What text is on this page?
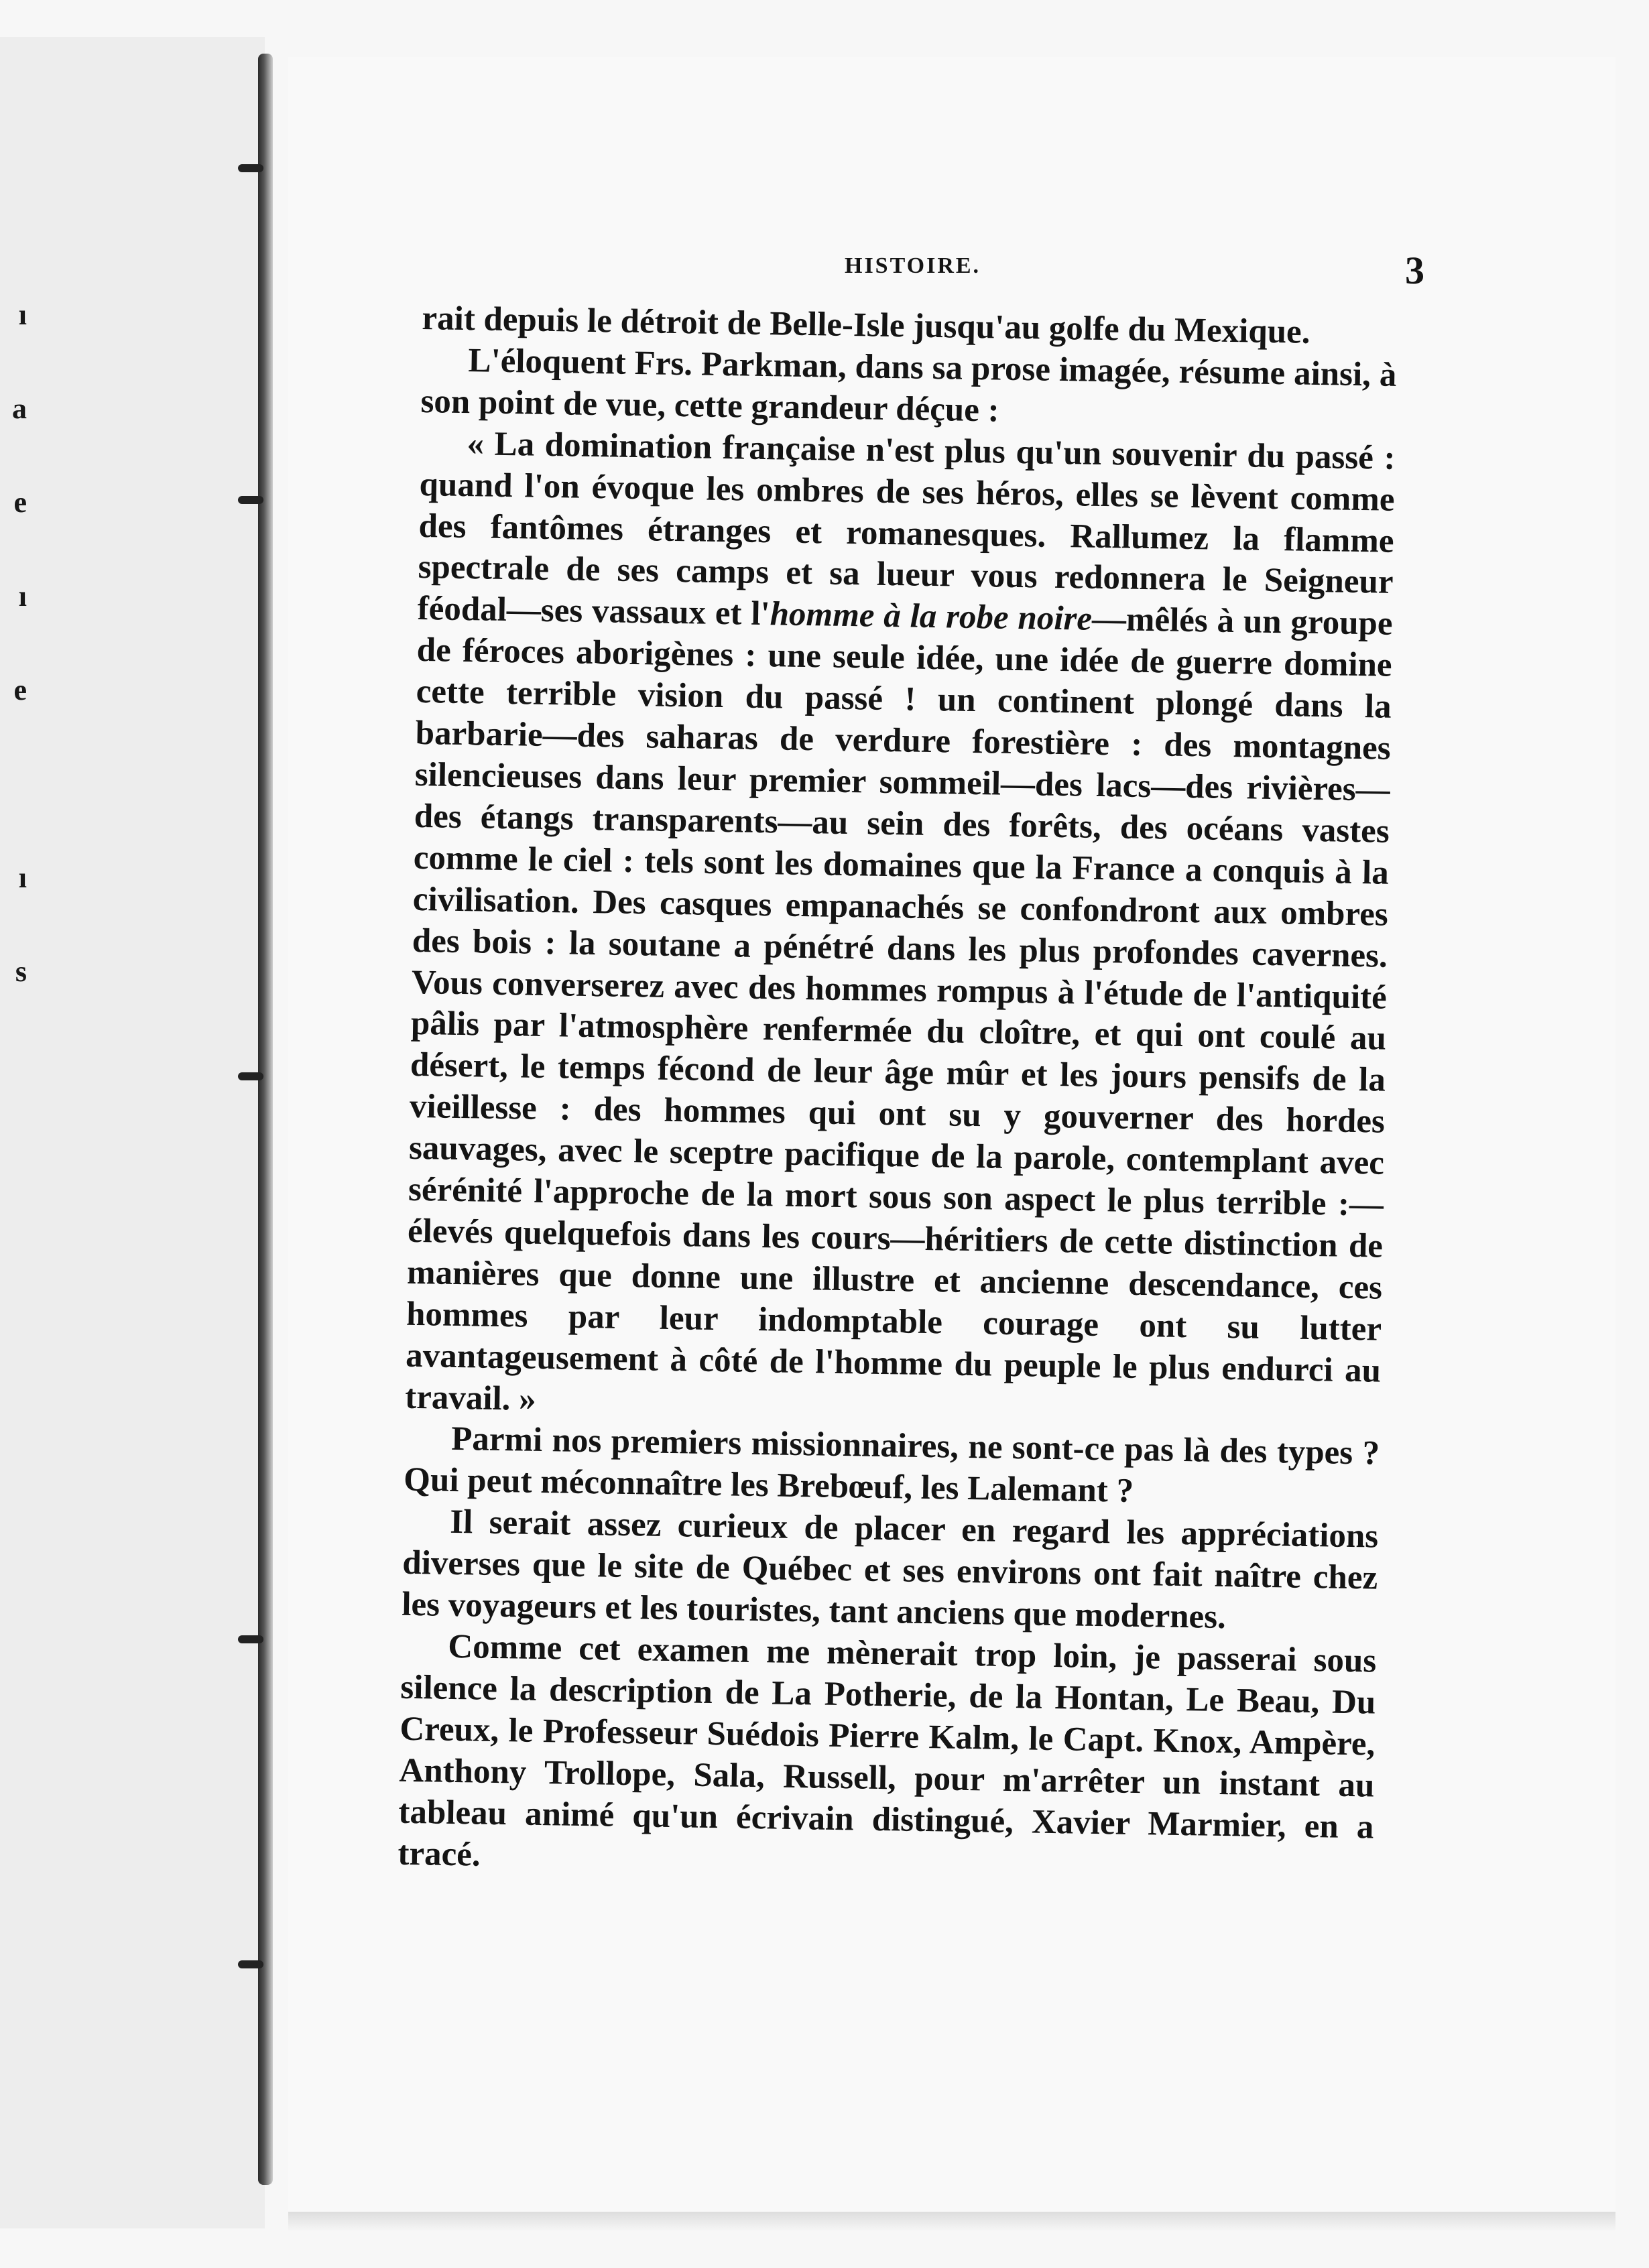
ı
a
e
ı
e
ı
s
HISTOIRE.	3

rait depuis le détroit de Belle-Isle jusqu'au golfe du Mexique.

L'éloquent Frs. Parkman, dans sa prose imagée, résume ainsi, à son point de vue, cette grandeur déçue :

« La domination française n'est plus qu'un souvenir du passé : quand l'on évoque les ombres de ses héros, elles se lèvent comme des fantômes étranges et romanesques. Rallumez la flamme spectrale de ses camps et sa lueur vous redonnera le Seigneur féodal—ses vassaux et l'homme à la robe noire—mêlés à un groupe de féroces aborigènes : une seule idée, une idée de guerre domine cette terrible vision du passé ! un continent plongé dans la barbarie—des saharas de verdure forestière : des montagnes silencieuses dans leur premier sommeil—des lacs—des rivières—des étangs transparents—au sein des forêts, des océans vastes comme le ciel : tels sont les domaines que la France a conquis à la civilisation. Des casques empanachés se confondront aux ombres des bois : la soutane a pénétré dans les plus profondes cavernes. Vous converserez avec des hommes rompus à l'étude de l'antiquité pâlis par l'atmosphère renfermée du cloître, et qui ont coulé au désert, le temps fécond de leur âge mûr et les jours pensifs de la vieillesse : des hommes qui ont su y gouverner des hordes sauvages, avec le sceptre pacifique de la parole, contemplant avec sérénité l'approche de la mort sous son aspect le plus terrible :—élevés quelquefois dans les cours—héritiers de cette distinction de manières que donne une illustre et ancienne descendance, ces hommes par leur indomptable courage ont su lutter avantageusement à côté de l'homme du peuple le plus endurci au travail. »

Parmi nos premiers missionnaires, ne sont-ce pas là des types ? Qui peut méconnaître les Brebœuf, les Lalemant ?

Il serait assez curieux de placer en regard les appréciations diverses que le site de Québec et ses environs ont fait naître chez les voyageurs et les touristes, tant anciens que modernes.

Comme cet examen me mènerait trop loin, je passerai sous silence la description de La Potherie, de la Hontan, Le Beau, Du Creux, le Professeur Suédois Pierre Kalm, le Capt. Knox, Ampère, Anthony Trollope, Sala, Russell, pour m'arrêter un instant au tableau animé qu'un écrivain distingué, Xavier Marmier, en a tracé.
